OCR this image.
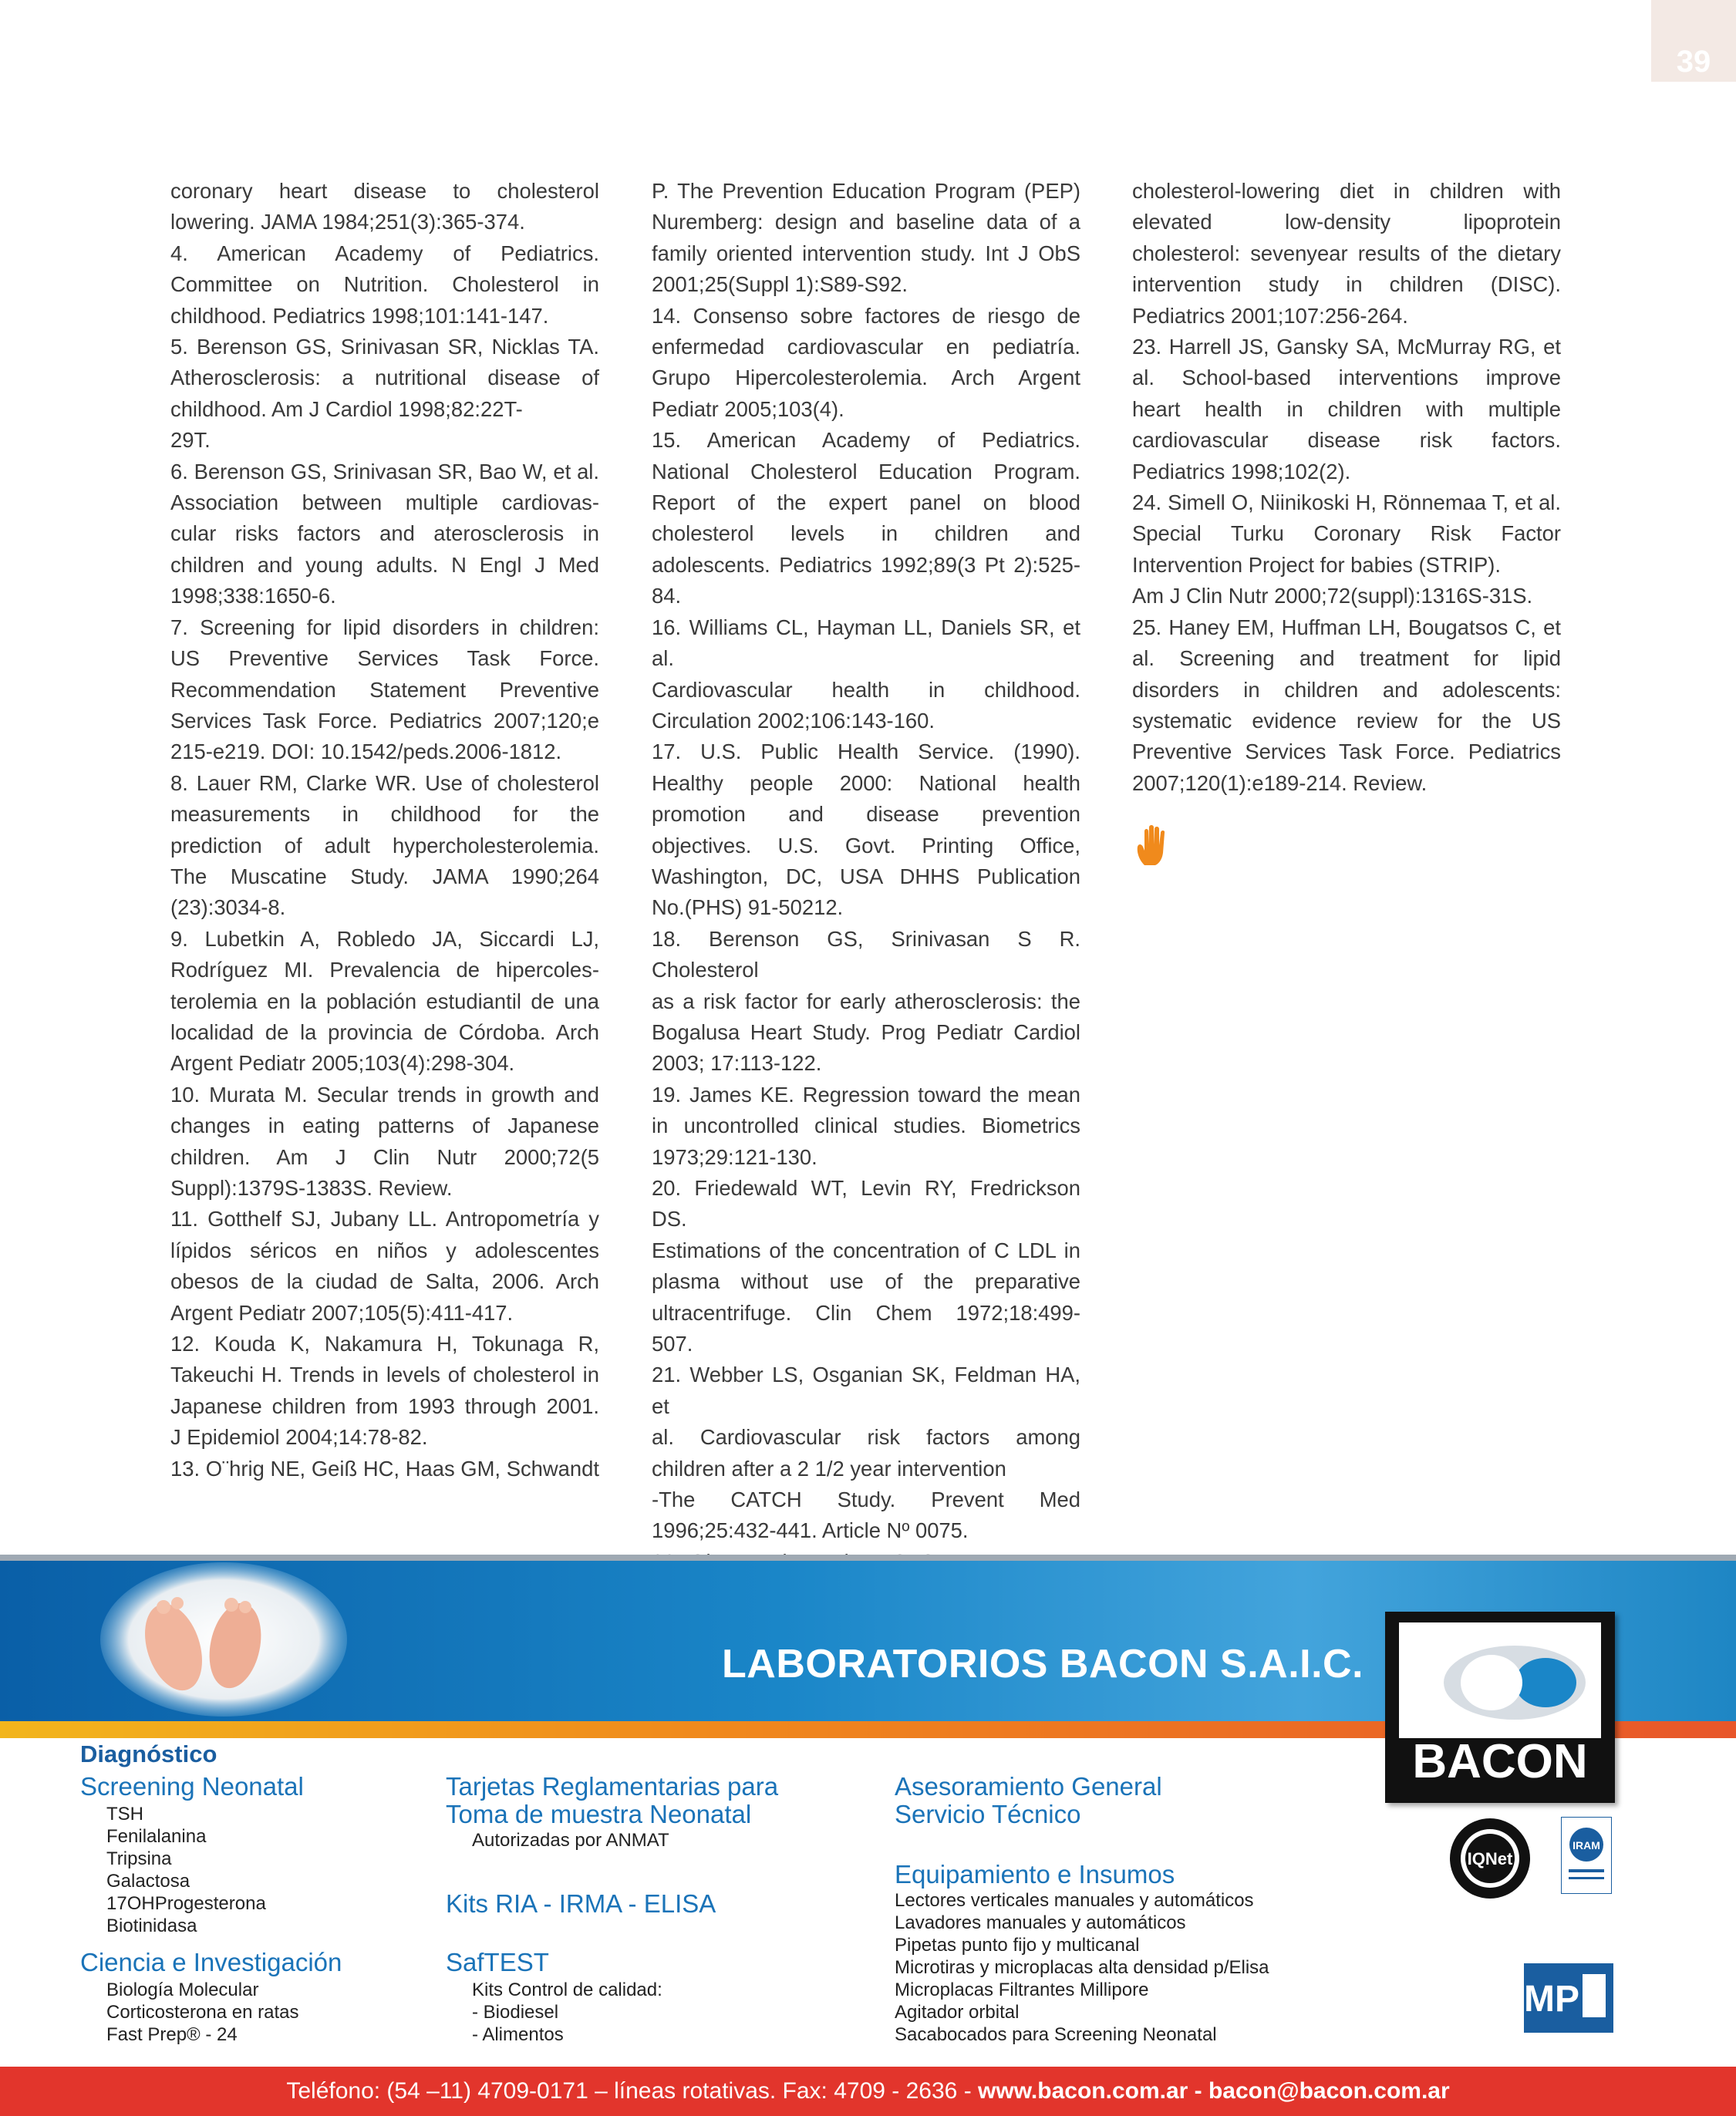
39
coronary heart disease to cholesterol
lowering. JAMA 1984;251(3):365-374.
4. American Academy of Pediatrics.
Committee on Nutrition. Cholesterol in
childhood. Pediatrics 1998;101:141-147.
5. Berenson GS, Srinivasan SR, Nicklas TA.
Atherosclerosis: a nutritional disease of
childhood. Am J Cardiol 1998;82:22T-
29T.
6. Berenson GS, Srinivasan SR, Bao W, et al.
Association between multiple cardiovas-
cular risks factors and aterosclerosis in
children and young adults. N Engl J Med
1998;338:1650-6.
7. Screening for lipid disorders in children:
US Preventive Services Task Force.
Recommendation Statement Preventive
Services Task Force. Pediatrics 2007;120;e
215-e219. DOI: 10.1542/peds.2006-1812.
8. Lauer RM, Clarke WR. Use of cholesterol
measurements in childhood for the
prediction of adult hypercholesterolemia.
The Muscatine Study. JAMA 1990;264
(23):3034-8.
9. Lubetkin A, Robledo JA, Siccardi LJ,
Rodríguez MI. Prevalencia de hipercoles-
terolemia en la población estudiantil de una
localidad de la provincia de Córdoba. Arch
Argent Pediatr 2005;103(4):298-304.
10. Murata M. Secular trends in growth and
changes in eating patterns of Japanese
children. Am J Clin Nutr 2000;72(5
Suppl):1379S-1383S. Review.
11. Gotthelf SJ, Jubany LL. Antropometría y
lípidos séricos en niños y adolescentes
obesos de la ciudad de Salta, 2006. Arch
Argent Pediatr 2007;105(5):411-417.
12. Kouda K, Nakamura H, Tokunaga R,
Takeuchi H. Trends in levels of cholesterol in
Japanese children from 1993 through 2001.
J Epidemiol 2004;14:78-82.
13. O¨hrig NE, Geiß HC, Haas GM, Schwandt
P. The Prevention Education Program (PEP)
Nuremberg: design and baseline data of a
family oriented intervention study. Int J ObS
2001;25(Suppl 1):S89-S92.
14. Consenso sobre factores de riesgo de
enfermedad cardiovascular en pediatría.
Grupo Hipercolesterolemia. Arch Argent
Pediatr 2005;103(4).
15. American Academy of Pediatrics.
National Cholesterol Education Program.
Report of the expert panel on blood
cholesterol levels in children and
adolescents. Pediatrics 1992;89(3 Pt 2):525-
84.
16. Williams CL, Hayman LL, Daniels SR, et al.
Cardiovascular health in childhood.
Circulation 2002;106:143-160.
17. U.S. Public Health Service. (1990).
Healthy people 2000: National health
promotion and disease prevention
objectives. U.S. Govt. Printing Office,
Washington, DC, USA DHHS Publication
No.(PHS) 91-50212.
18. Berenson GS, Srinivasan S R. Cholesterol
as a risk factor for early atherosclerosis: the
Bogalusa Heart Study. Prog Pediatr Cardiol
2003; 17:113-122.
19. James KE. Regression toward the mean
in uncontrolled clinical studies. Biometrics
1973;29:121-130.
20. Friedewald WT, Levin RY, Fredrickson DS.
Estimations of the concentration of C LDL in
plasma without use of the preparative
ultracentrifuge. Clin Chem 1972;18:499-
507.
21. Webber LS, Osganian SK, Feldman HA, et
al. Cardiovascular risk factors among
children after a 2 1/2 year intervention
-The CATCH Study. Prevent Med
1996;25:432-441. Article Nº 0075.
cholesterol-lowering diet in children with
elevated low-density lipoprotein
cholesterol: sevenyear results of the dietary
intervention study in children (DISC).
Pediatrics 2001;107:256-264.
23. Harrell JS, Gansky SA, McMurray RG, et
al. School-based interventions improve
heart health in children with multiple
cardiovascular disease risk factors.
Pediatrics 1998;102(2).
24. Simell O, Niinikoski H, Rönnemaa T, et al.
Special Turku Coronary Risk Factor
Intervention Project for babies (STRIP).
Am J Clin Nutr 2000;72(suppl):1316S-31S.
25. Haney EM, Huffman LH, Bougatsos C, et
al. Screening and treatment for lipid
disorders in children and adolescents:
systematic evidence review for the US
Preventive Services Task Force. Pediatrics
2007;120(1):e189-214. Review.
LABORATORIOS BACON S.A.I.C.
BACON
Diagnóstico
Screening Neonatal
TSH
Fenilalanina
Tripsina
Galactosa
17OHProgesterona
Biotinidasa
Ciencia e Investigación
Biología Molecular
Corticosterona en ratas
Fast Prep® - 24
Tarjetas Reglamentarias para
Toma de muestra Neonatal
Autorizadas por ANMAT
Kits RIA - IRMA - ELISA
SafTEST
Kits Control de calidad:
- Biodiesel
- Alimentos
Asesoramiento General
Servicio Técnico
Equipamiento e Insumos
Lectores verticales manuales y automáticos
Lavadores manuales y automáticos
Pipetas punto fijo y multicanal
Microtiras y microplacas alta densidad p/Elisa
Microplacas Filtrantes Millipore
Agitador orbital
Sacabocados para Screening Neonatal
IQNet
IRAM
MP
Teléfono: (54 –11) 4709-0171 – líneas rotativas. Fax: 4709 - 2636 - www.bacon.com.ar - bacon@bacon.com.ar
